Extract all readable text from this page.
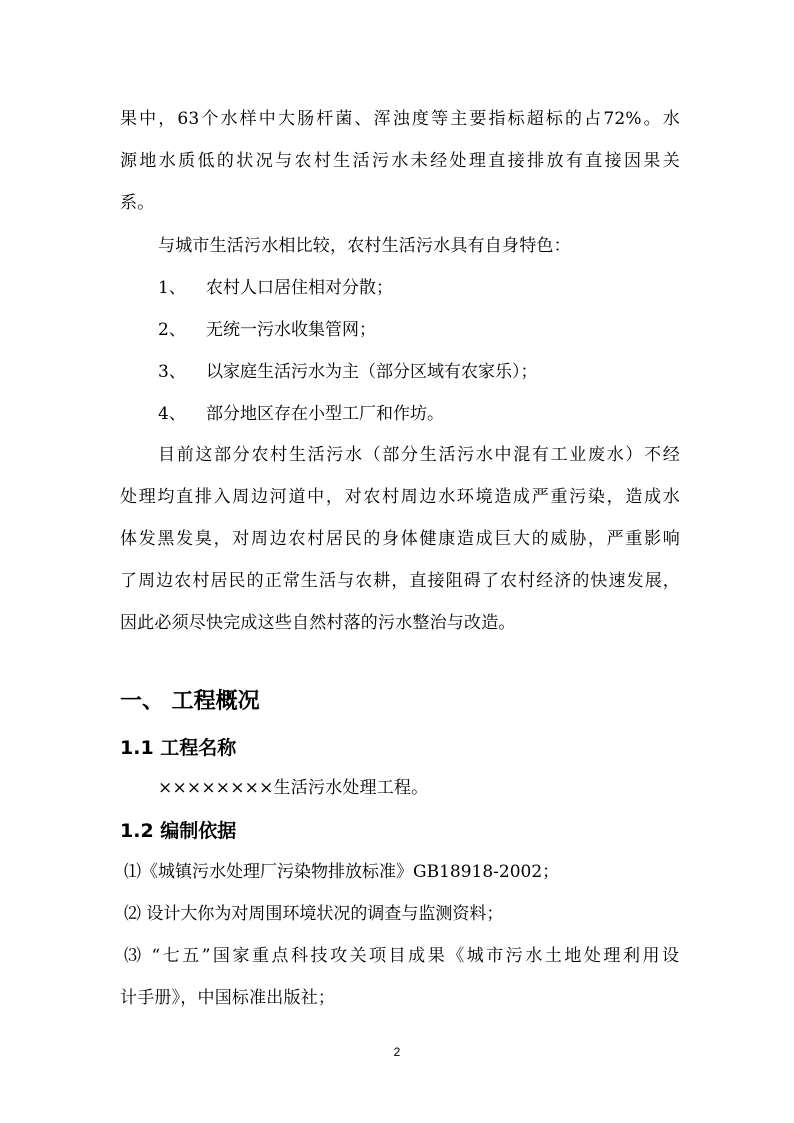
果中，63个水样中大肠杆菌、浑浊度等主要指标超标的占72%。水
源地水质低的状况与农村生活污水未经处理直接排放有直接因果关
系。
与城市生活污水相比较，农村生活污水具有自身特色：
1、 农村人口居住相对分散；
2、 无统一污水收集管网；
3、 以家庭生活污水为主（部分区域有农家乐）；
4、 部分地区存在小型工厂和作坊。
目前这部分农村生活污水（部分生活污水中混有工业废水）不经
处理均直排入周边河道中，对农村周边水环境造成严重污染，造成水
体发黑发臭，对周边农村居民的身体健康造成巨大的威胁，严重影响
了周边农村居民的正常生活与农耕，直接阻碍了农村经济的快速发展，
因此必须尽快完成这些自然村落的污水整治与改造。
一、 工程概况
1.1 工程名称
××××××××生活污水处理工程。
1.2 编制依据
⑴《城镇污水处理厂污染物排放标准》GB18918-2002；
⑵ 设计大你为对周围环境状况的调查与监测资料；
⑶ “七五”国家重点科技攻关项目成果《城市污水土地处理利用设
计手册》，中国标准出版社；
2
